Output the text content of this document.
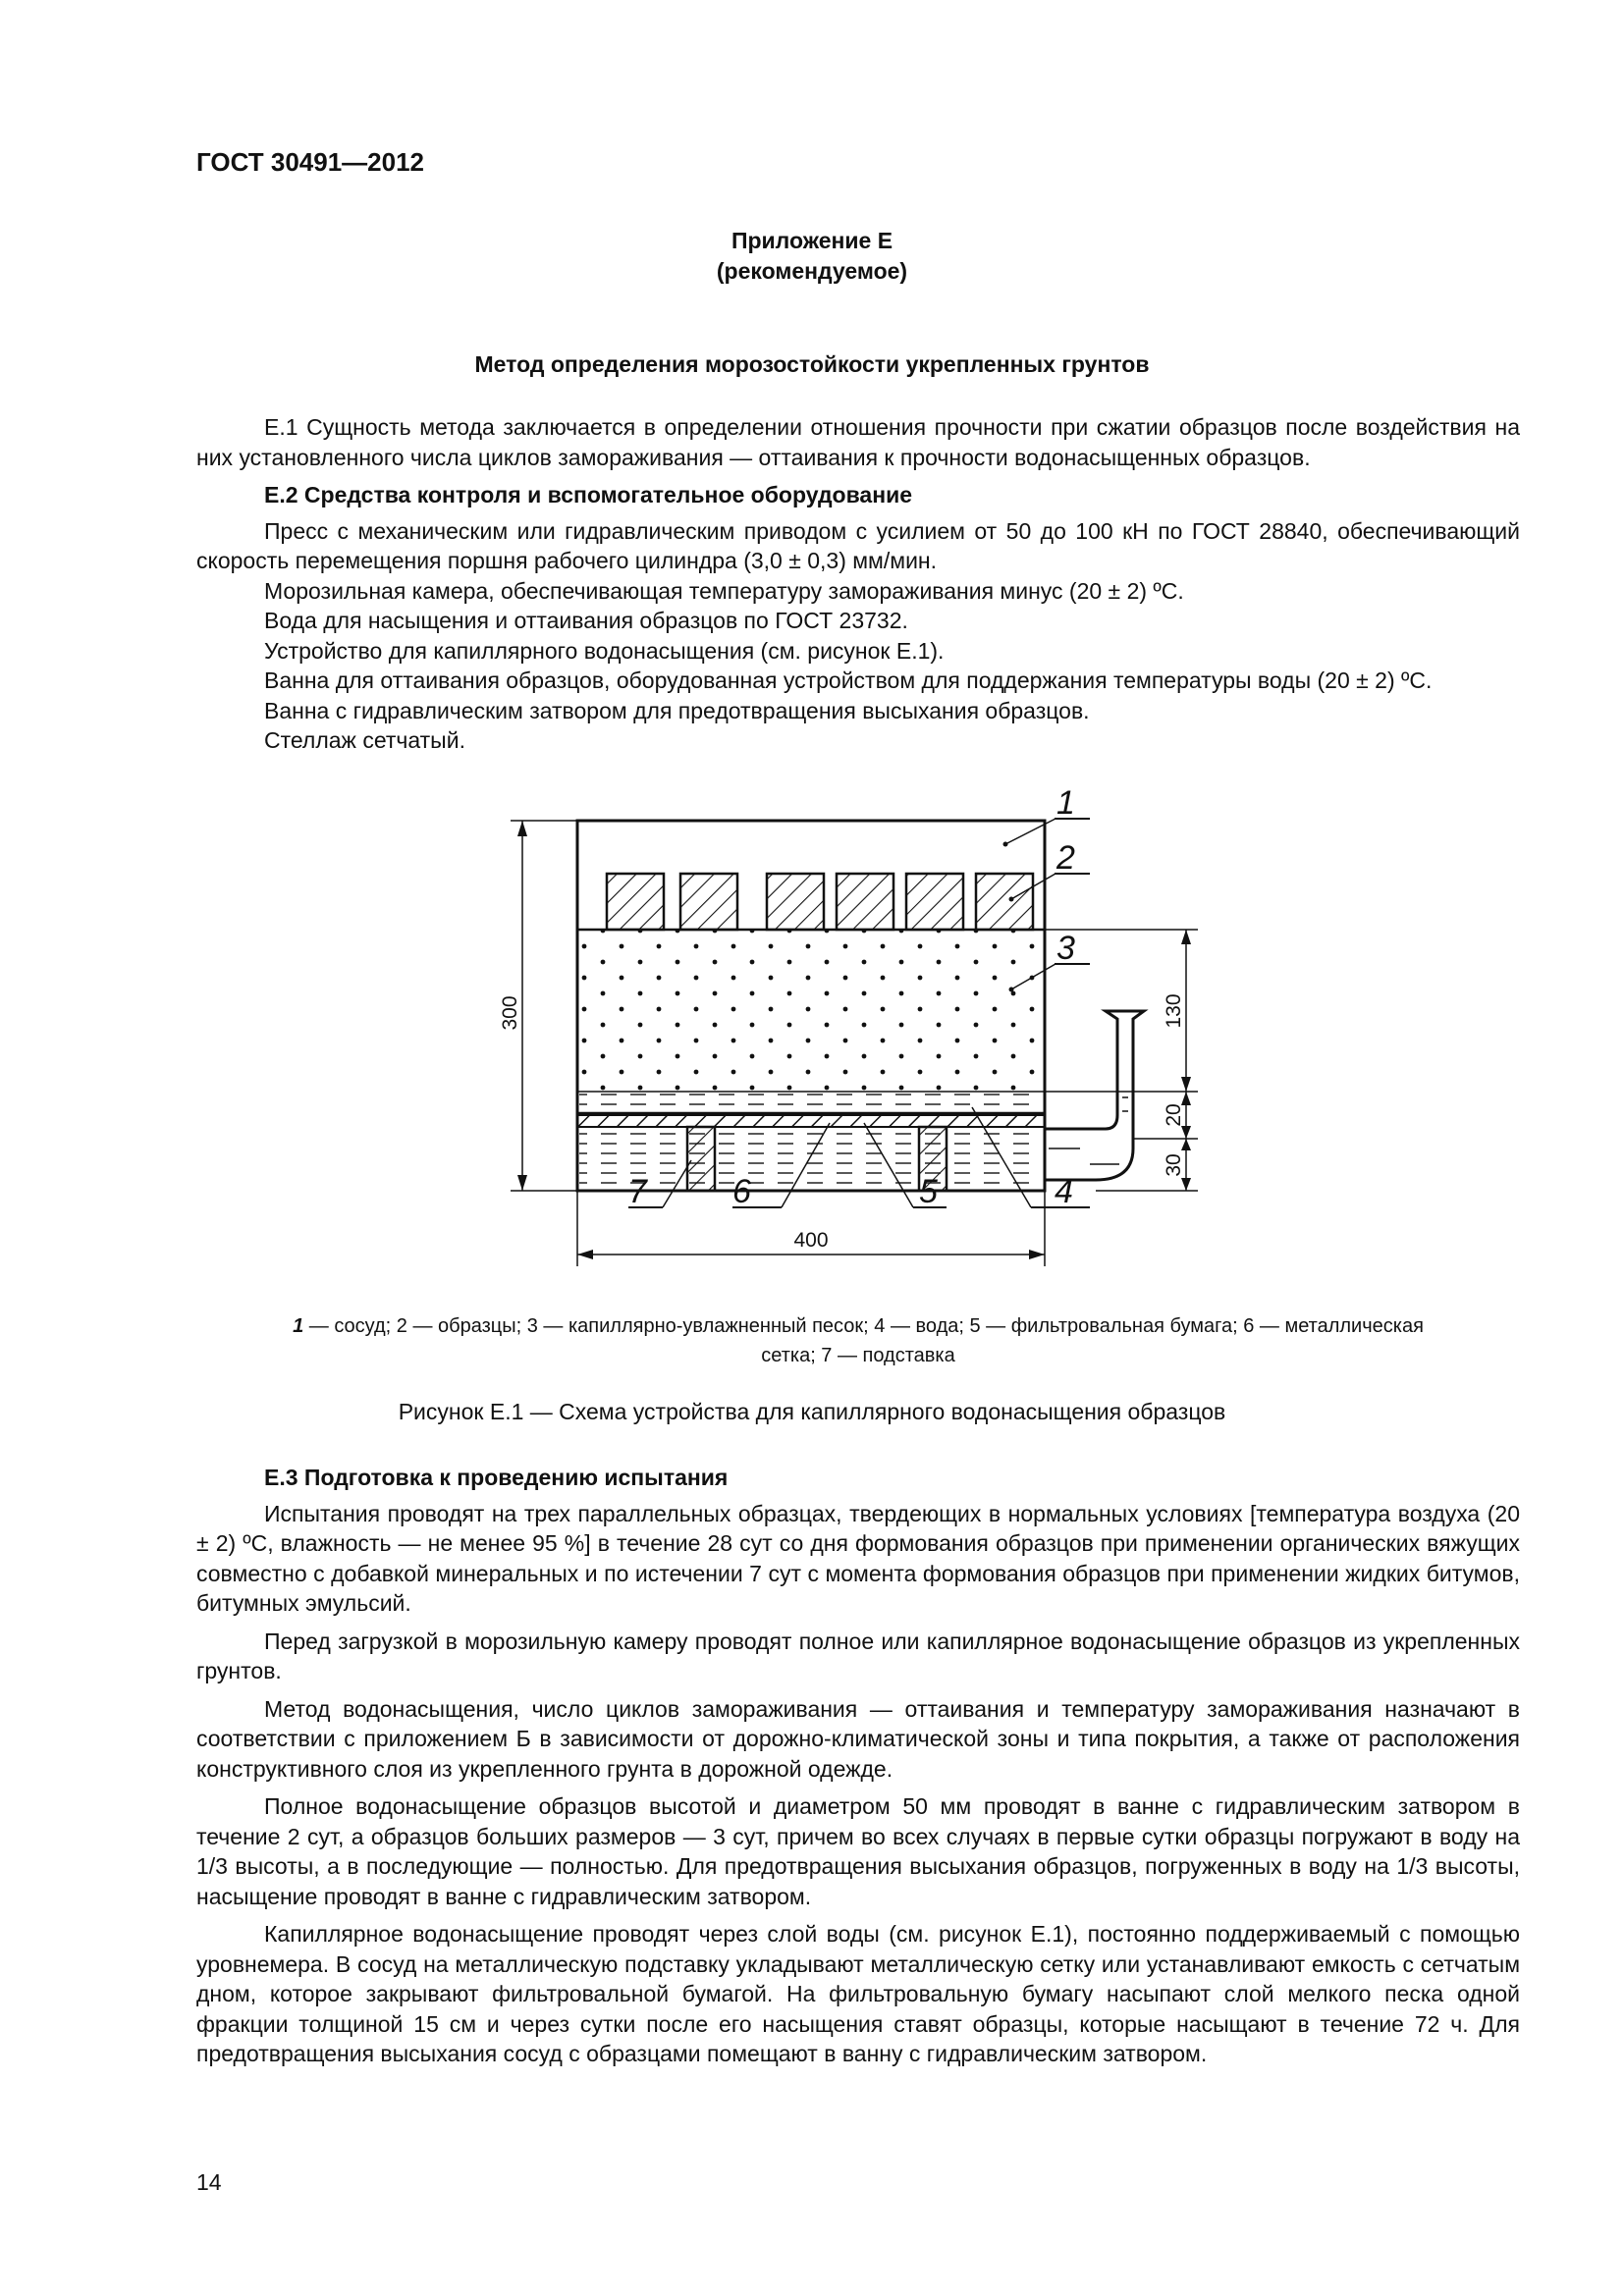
ГОСТ 30491—2012
Приложение Е
(рекомендуемое)
Метод определения морозостойкости укрепленных грунтов

Е.1 Сущность метода заключается в определении отношения прочности при сжатии образцов после воздействия на них установленного числа циклов замораживания — оттаивания к прочности водонасыщенных образцов.

Е.2 Средства контроля и вспомогательное оборудование

Пресс с механическим или гидравлическим приводом с усилием от 50 до 100 кН по ГОСТ 28840, обеспечивающий скорость перемещения поршня рабочего цилиндра (3,0 ± 0,3) мм/мин.

Морозильная камера, обеспечивающая температуру замораживания минус (20 ± 2) ºС.

Вода для насыщения и оттаивания образцов по ГОСТ 23732.

Устройство для капиллярного водонасыщения (см. рисунок Е.1).

Ванна для оттаивания образцов, оборудованная устройством для поддержания температуры воды (20 ± 2) ºС.

Ванна с гидравлическим затвором для предотвращения высыхания образцов.

Стеллаж сетчатый.

300
400
130
20
30
1
2
3
4
5
6
7
1 — сосуд; 2 — образцы; 3 — капиллярно-увлажненный песок; 4 — вода; 5 — фильтровальная бумага; 6 — металлическая
сетка; 7 — подставка
Рисунок Е.1 — Схема устройства для капиллярного водонасыщения образцов

Е.3 Подготовка к проведению испытания

Испытания проводят на трех параллельных образцах, твердеющих в нормальных условиях [температура воздуха (20 ± 2) ºС, влажность — не менее 95 %] в течение 28 сут со дня формования образцов при применении органических вяжущих совместно с добавкой минеральных и по истечении 7 сут с момента формования образцов при применении жидких битумов, битумных эмульсий.

Перед загрузкой в морозильную камеру проводят полное или капиллярное водонасыщение образцов из укрепленных грунтов.

Метод водонасыщения, число циклов замораживания — оттаивания и температуру замораживания назначают в соответствии с приложением Б в зависимости от дорожно-климатической зоны и типа покрытия, а также от расположения конструктивного слоя из укрепленного грунта в дорожной одежде.

Полное водонасыщение образцов высотой и диаметром 50 мм проводят в ванне с гидравлическим затвором в течение 2 сут, а образцов больших размеров — 3 сут, причем во всех случаях в первые сутки образцы погружают в воду на 1/3 высоты, а в последующие — полностью. Для предотвращения высыхания образцов, погруженных в воду на 1/3 высоты, насыщение проводят в ванне с гидравлическим затвором.

Капиллярное водонасыщение проводят через слой воды (см. рисунок Е.1), постоянно поддерживаемый с помощью уровнемера. В сосуд на металлическую подставку укладывают металлическую сетку или устанавливают емкость с сетчатым дном, которое закрывают фильтровальной бумагой. На фильтровальную бумагу насыпают слой мелкого песка одной фракции толщиной 15 см и через сутки после его насыщения ставят образцы, которые насыщают в течение 72 ч. Для предотвращения высыхания сосуд с образцами помещают в ванну с гидравлическим затвором.

14
